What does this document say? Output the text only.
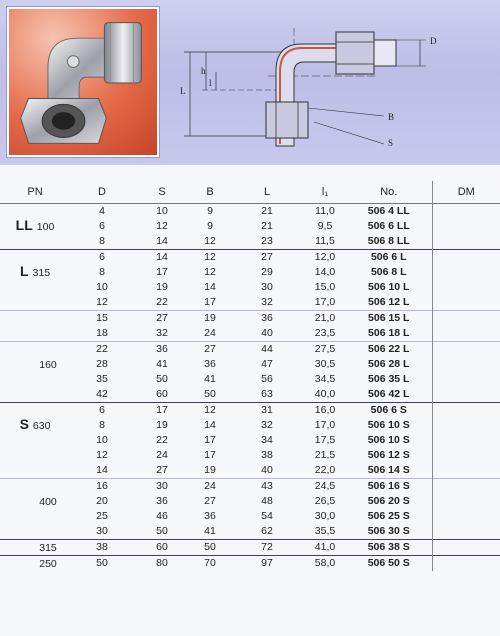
D
h
L
l
B
S
PN	D	S	B	L	l₁	No.	DM
	4	10	9	21	11,0	506 4 LL	
LL 100	6	12	9	21	9,5	506 6 LL	
	8	14	12	23	11,5	506 8 LL	
	6	14	12	27	12,0	506 6 L	
L 315	8	17	12	29	14,0	506 8 L	
	10	19	14	30	15,0	506 10 L	
	12	22	17	32	17,0	506 12 L	
	15	27	19	36	21,0	506 15 L	
	18	32	24	40	23,5	506 18 L	
	22	36	27	44	27,5	506 22 L	
160	28	41	36	47	30,5	506 28 L	
	35	50	41	56	34,5	506 35 L	
	42	60	50	63	40,0	506 42 L	
	6	17	12	31	16,0	506 6 S	
S 630	8	19	14	32	17,0	506 10 S	
	10	22	17	34	17,5	506 10 S	
	12	24	17	38	21,5	506 12 S	
	14	27	19	40	22,0	506 14 S	
	16	30	24	43	24,5	506 16 S	
400	20	36	27	48	26,5	506 20 S	
	25	46	36	54	30,0	506 25 S	
	30	50	41	62	35,5	506 30 S	
315	38	60	50	72	41,0	506 38 S	
250	50	80	70	97	58,0	506 50 S	
